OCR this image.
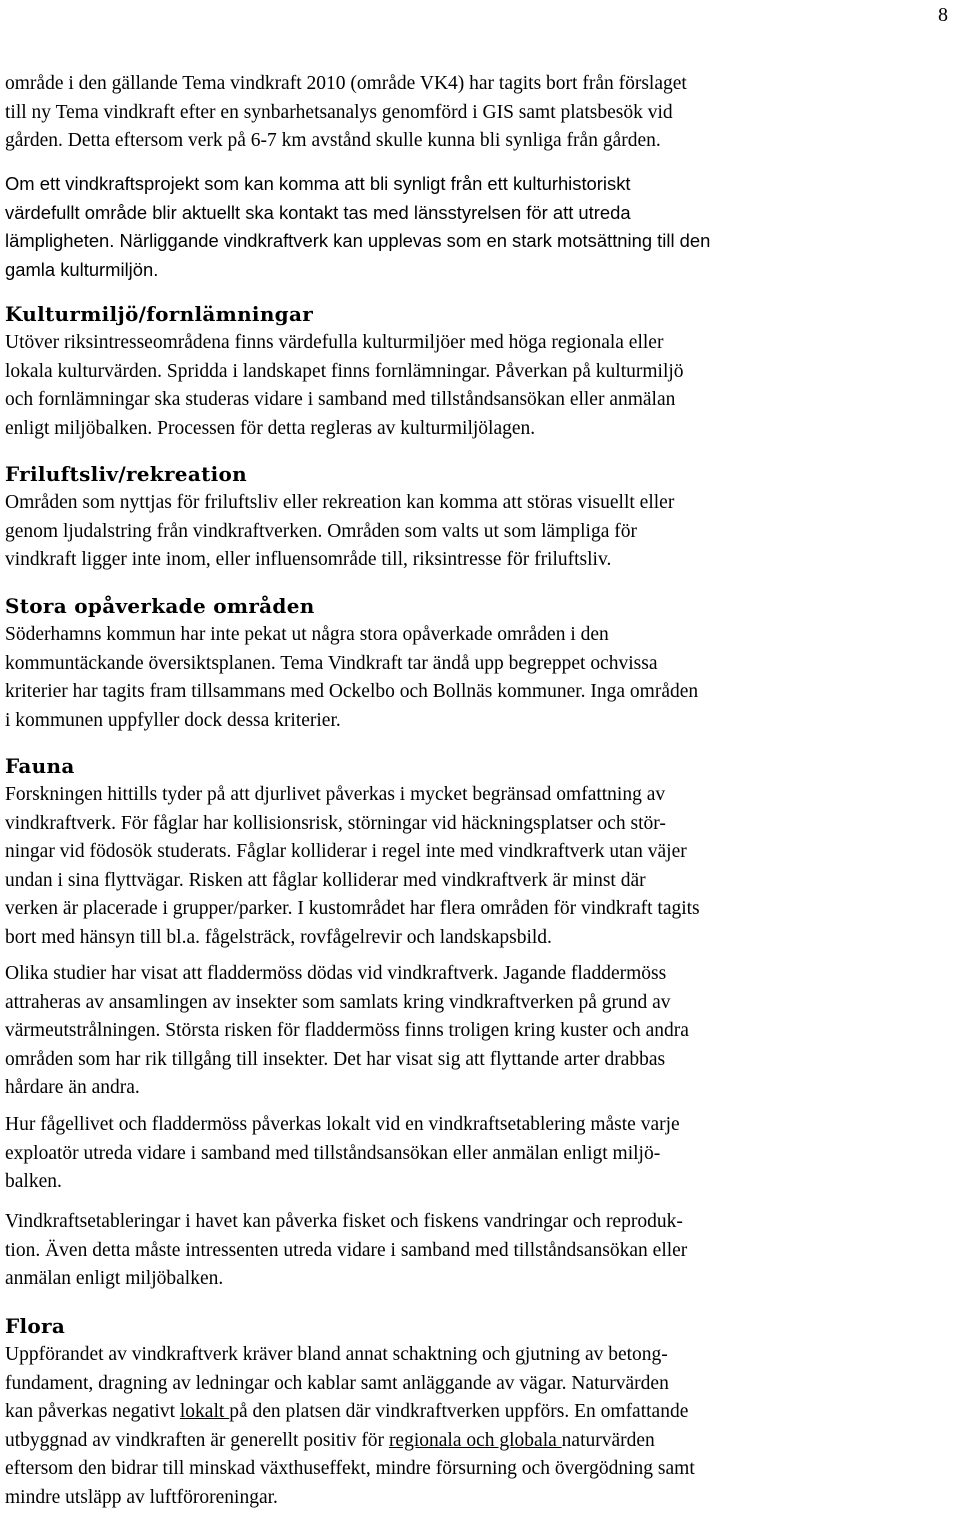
8
område i den gällande Tema vindkraft 2010 (område VK4) har tagits bort från förslaget
till ny Tema vindkraft efter en synbarhetsanalys genomförd i GIS samt platsbesök vid
gården. Detta eftersom verk på 6-7 km avstånd skulle kunna bli synliga från gården.
Om ett vindkraftsprojekt som kan komma att bli synligt från ett kulturhistoriskt
värdefullt område blir aktuellt ska kontakt tas med länsstyrelsen för att utreda
lämpligheten. Närliggande vindkraftverk kan upplevas som en stark motsättning till den
gamla kulturmiljön.
Kulturmiljö/fornlämningar
Utöver riksintresseområdena finns värdefulla kulturmiljöer med höga regionala eller
lokala kulturvärden. Spridda i landskapet finns fornlämningar. Påverkan på kulturmiljö
och fornlämningar ska studeras vidare i samband med tillståndsansökan eller anmälan
enligt miljöbalken. Processen för detta regleras av kulturmiljölagen.
Friluftsliv/rekreation
Områden som nyttjas för friluftsliv eller rekreation kan komma att störas visuellt eller
genom ljudalstring från vindkraftverken. Områden som valts ut som lämpliga för
vindkraft ligger inte inom, eller influensområde till, riksintresse för friluftsliv.
Stora opåverkade områden
Söderhamns kommun har inte pekat ut några stora opåverkade områden i den
kommuntäckande översiktsplanen. Tema Vindkraft tar ändå upp begreppet ochvissa
kriterier har tagits fram tillsammans med Ockelbo och Bollnäs kommuner. Inga områden
i kommunen uppfyller dock dessa kriterier.
Fauna
Forskningen hittills tyder på att djurlivet påverkas i mycket begränsad omfattning av
vindkraftverk. För fåglar har kollisionsrisk, störningar vid häckningsplatser och stör-
ningar vid födosök studerats. Fåglar kolliderar i regel inte med vindkraftverk utan väjer
undan i sina flyttvägar. Risken att fåglar kolliderar med vindkraftverk är minst där
verken är placerade i grupper/parker. I kustområdet har flera områden för vindkraft tagits
bort med hänsyn till bl.a. fågelsträck, rovfågelrevir och landskapsbild.
Olika studier har visat att fladdermöss dödas vid vindkraftverk. Jagande fladdermöss
attraheras av ansamlingen av insekter som samlats kring vindkraftverken på grund av
värmeutstrålningen. Största risken för fladdermöss finns troligen kring kuster och andra
områden som har rik tillgång till insekter. Det har visat sig att flyttande arter drabbas
hårdare än andra.
Hur fågellivet och fladdermöss påverkas lokalt vid en vindkraftsetablering måste varje
exploatör utreda vidare i samband med tillståndsansökan eller anmälan enligt miljö-
balken.
Vindkraftsetableringar i havet kan påverka fisket och fiskens vandringar och reproduk-
tion. Även detta måste intressenten utreda vidare i samband med tillståndsansökan eller
anmälan enligt miljöbalken.
Flora
Uppförandet av vindkraftverk kräver bland annat schaktning och gjutning av betong-
fundament, dragning av ledningar och kablar samt anläggande av vägar. Naturvärden
kan påverkas negativt lokalt på den platsen där vindkraftverken uppförs. En omfattande
utbyggnad av vindkraften är generellt positiv för regionala och globala naturvärden
eftersom den bidrar till minskad växthuseffekt, mindre försurning och övergödning samt
mindre utsläpp av luftföroreningar.
